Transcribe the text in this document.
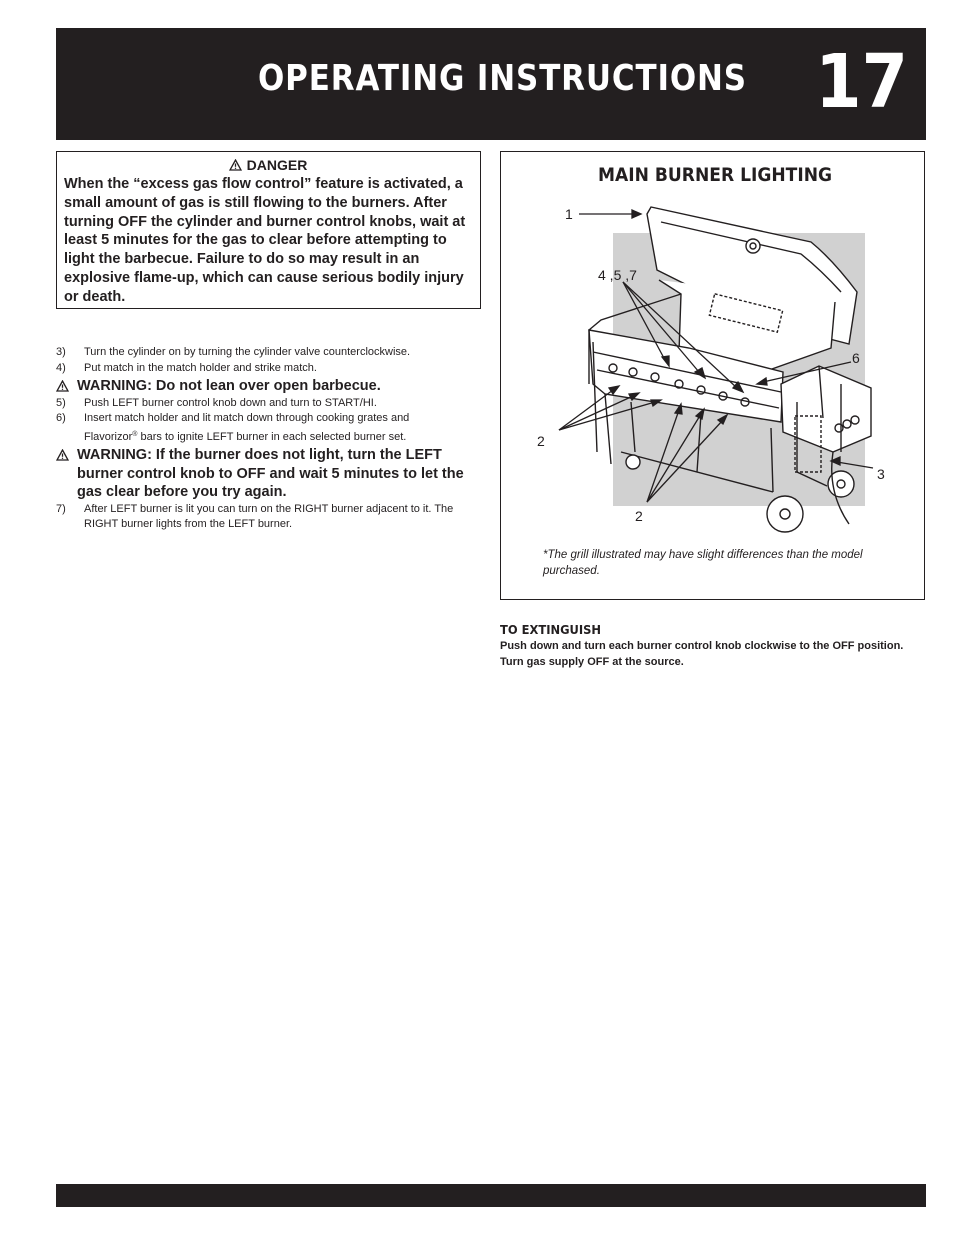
OPERATING INSTRUCTIONS 17
DANGER
When the “excess gas flow control” feature is activated, a small amount of gas is still flowing to the burners. After turning OFF the cylinder and burner control knobs, wait at least 5 minutes for the gas to clear before attempting to light the barbecue. Failure to do so may result in an explosive flame-up, which can cause serious bodily injury or death.
3) Turn the cylinder on by turning the cylinder valve counterclockwise.
4) Put match in the match holder and strike match.
WARNING: Do not lean over open barbecue.
5) Push LEFT burner control knob down and turn to START/HI.
6) Insert match holder and lit match down through cooking grates and
Flavorizor® bars to ignite LEFT burner in each selected burner set.
WARNING: If the burner does not light, turn the LEFT burner control knob to OFF and wait 5 minutes to let the gas clear before you try again.
7) After LEFT burner is lit you can turn on the RIGHT burner adjacent to it. The RIGHT burner lights from the LEFT burner.
1
4 ,5 ,7
6
2
3
2
MAIN BURNER LIGHTING
*The grill illustrated may have slight differences than the model purchased.
TO EXTINGUISH
Push down and turn each burner control knob clockwise to the OFF position. Turn gas supply OFF at the source.
